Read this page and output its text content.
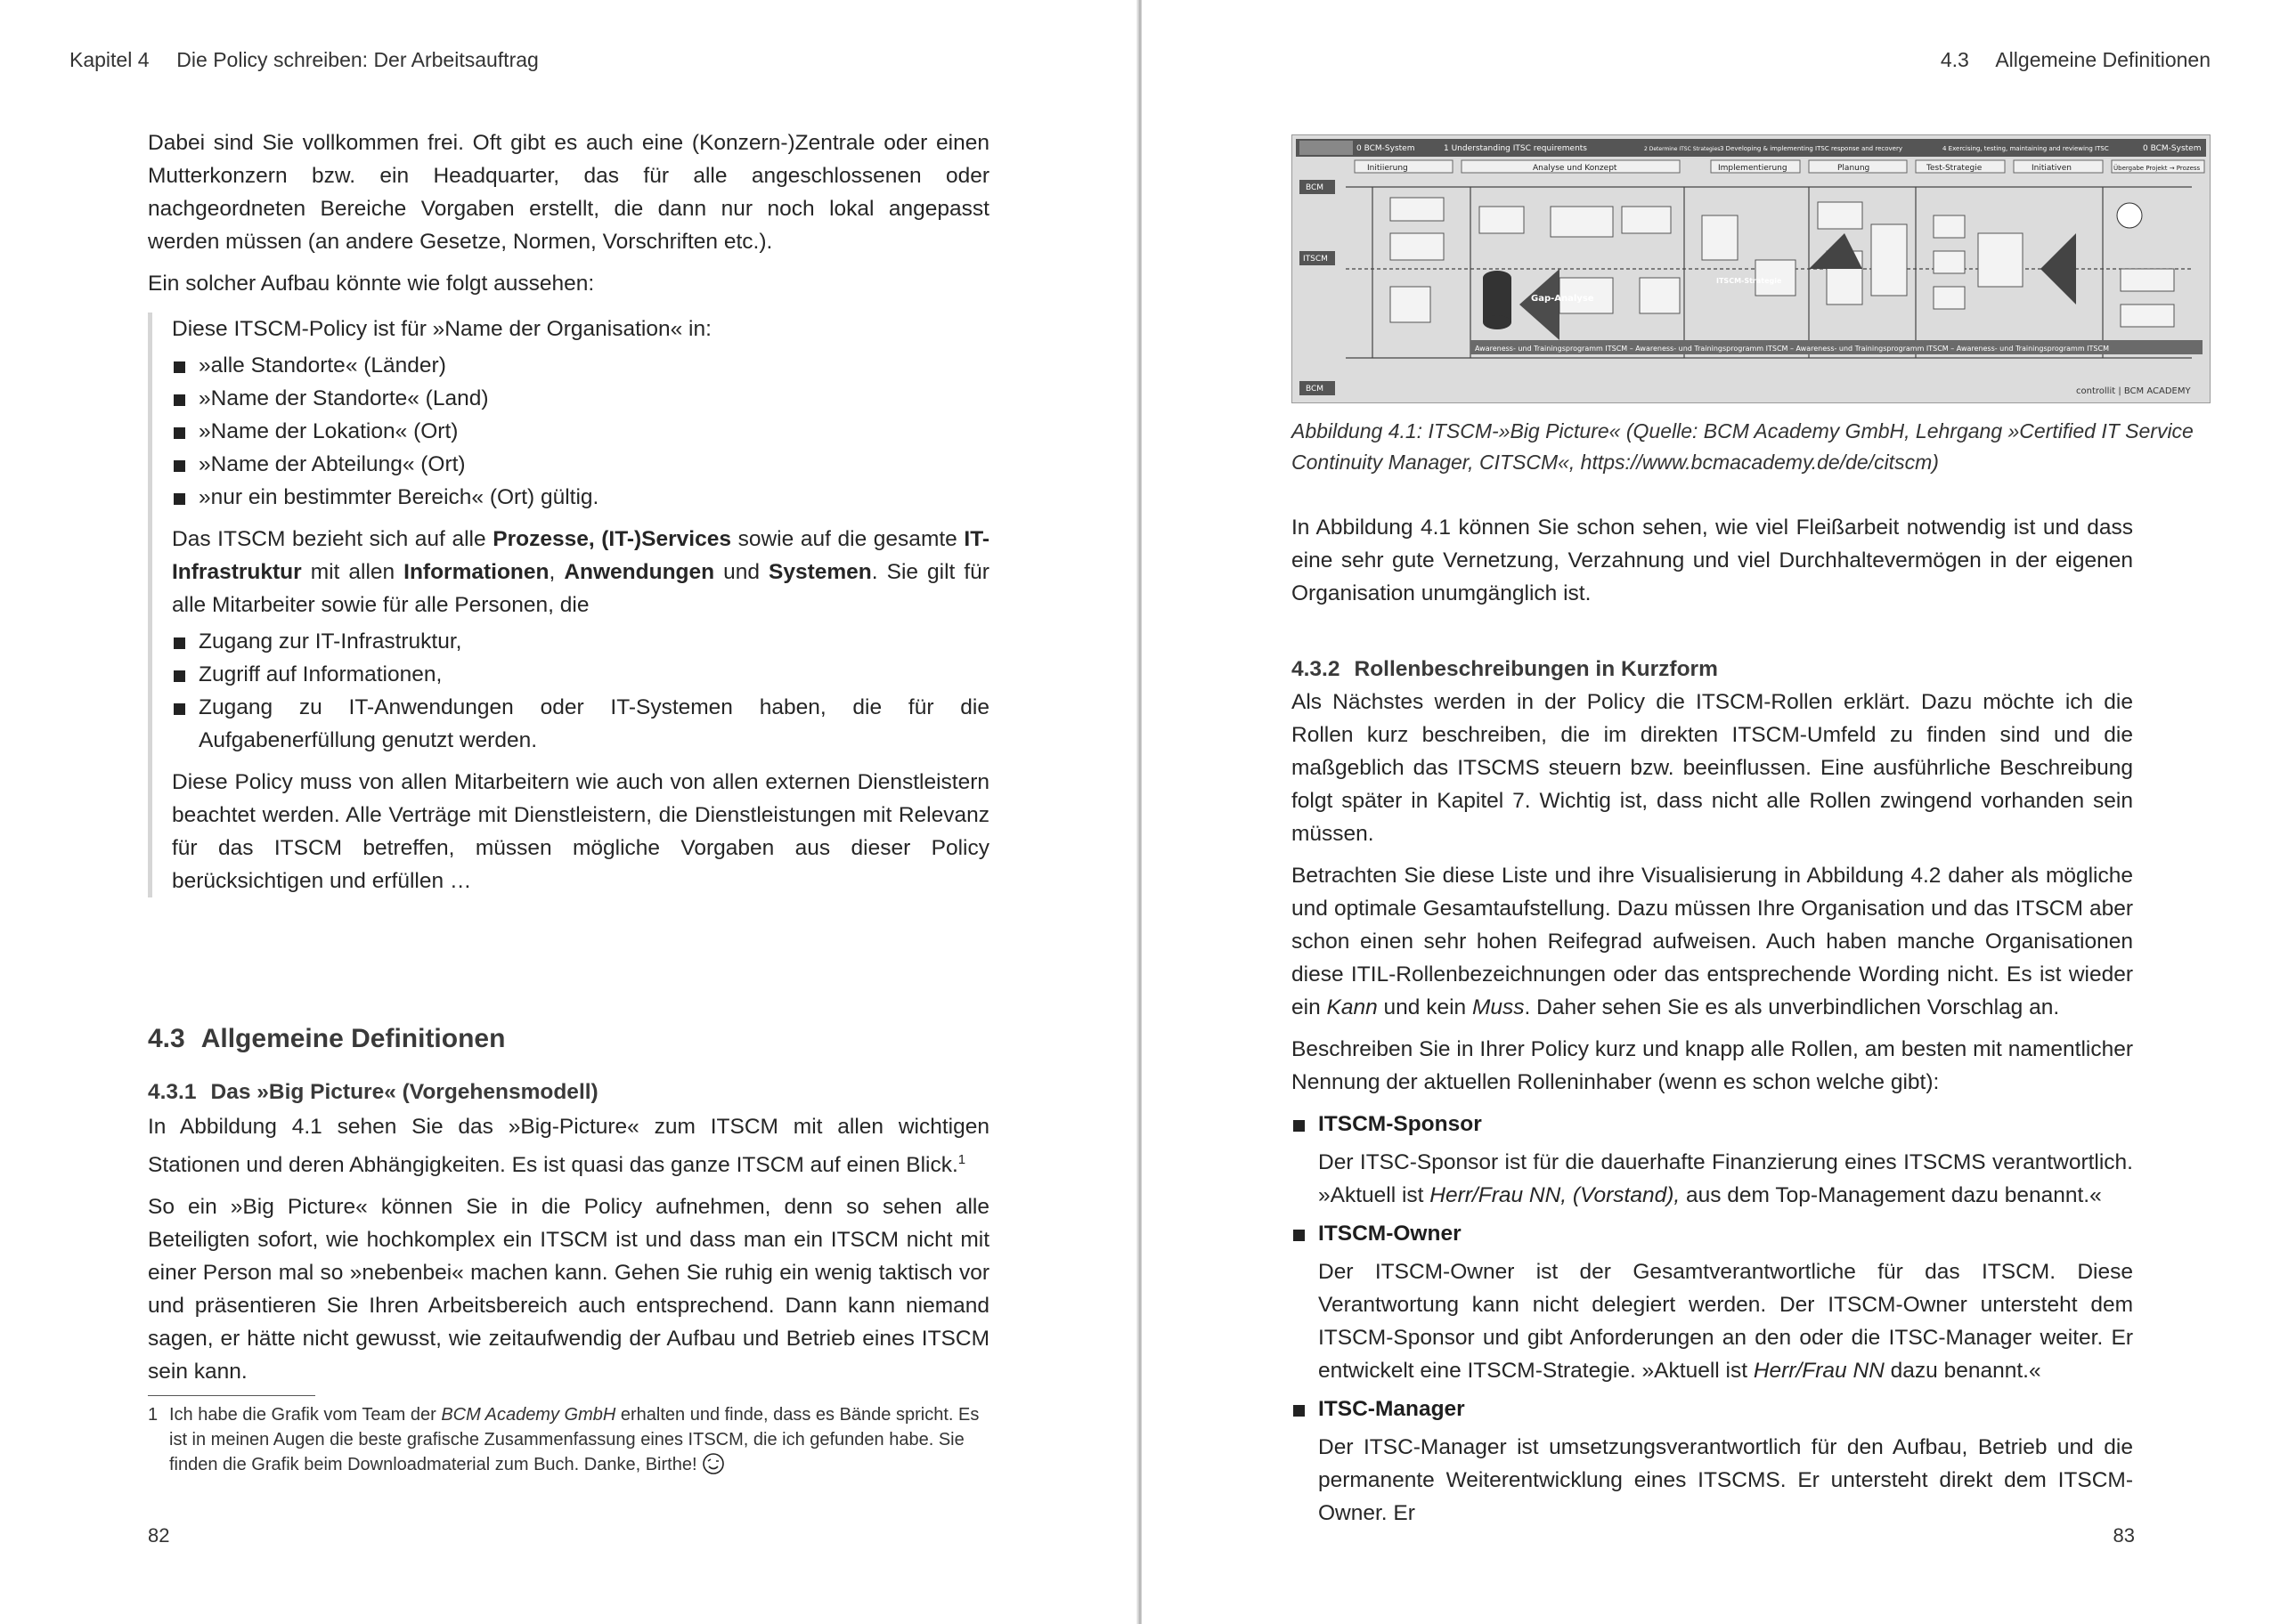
Kapitel 4 Die Policy schreiben: Der Arbeitsauftrag

Dabei sind Sie vollkommen frei. Oft gibt es auch eine (Konzern-)Zentrale oder einen Mutterkonzern bzw. ein Headquarter, das für alle angeschlossenen oder nachgeordneten Bereiche Vorgaben erstellt, die dann nur noch lokal angepasst werden müssen (an andere Gesetze, Normen, Vorschriften etc.).

Ein solcher Aufbau könnte wie folgt aussehen:

Diese ITSCM-Policy ist für »Name der Organisation« in:

»alle Standorte« (Länder)
»Name der Standorte« (Land)
»Name der Lokation« (Ort)
»Name der Abteilung« (Ort)
»nur ein bestimmter Bereich« (Ort) gültig.

Das ITSCM bezieht sich auf alle Prozesse, (IT-)Services sowie auf die gesamte IT-Infrastruktur mit allen Informationen, Anwendungen und Systemen. Sie gilt für alle Mitarbeiter sowie für alle Personen, die

Zugang zur IT-Infrastruktur,
Zugriff auf Informationen,
Zugang zu IT-Anwendungen oder IT-Systemen haben, die für die Aufgabenerfüllung genutzt werden.

Diese Policy muss von allen Mitarbeitern wie auch von allen externen Dienstleistern beachtet werden. Alle Verträge mit Dienstleistern, die Dienstleistungen mit Relevanz für das ITSCM betreffen, müssen mögliche Vorgaben aus dieser Policy berücksichtigen und erfüllen …

4.3 Allgemeine Definitionen
4.3.1 Das »Big Picture« (Vorgehensmodell)

In Abbildung 4.1 sehen Sie das »Big-Picture« zum ITSCM mit allen wichtigen Stationen und deren Abhängigkeiten. Es ist quasi das ganze ITSCM auf einen Blick.$^1$

So ein »Big Picture« können Sie in die Policy aufnehmen, denn so sehen alle Beteiligten sofort, wie hochkomplex ein ITSCM ist und dass man ein ITSCM nicht mit einer Person mal so »nebenbei« machen kann. Gehen Sie ruhig ein wenig taktisch vor und präsentieren Sie Ihren Arbeitsbereich auch entsprechend. Dann kann niemand sagen, er hätte nicht gewusst, wie zeitaufwendig der Aufbau und Betrieb eines ITSCM sein kann.

1 Ich habe die Grafik vom Team der BCM Academy GmbH erhalten und finde, dass es Bände spricht. Es ist in meinen Augen die beste grafische Zusammenfassung eines ITSCM, die ich gefunden habe. Sie finden die Grafik beim Downloadmaterial zum Buch. Danke, Birthe!
82
4.3 Allgemeine Definitionen
0 BCM-System	1 Understanding ITSC requirements	2 Determine ITSC Strategies 3 Developing & implementing ITSC response and recovery	4 Exercising, testing, maintaining and reviewing ITSC	0 BCM-System
Initiierung	Analyse und Konzept	Implementierung	Planung	Test-Strategie	Initiativen	Übergabe Projekt → Prozess
BCM
ITSCM
BCM
Gap-Analyse
ITSCM-Strategie
Awareness- und Trainingsprogramm ITSCM – Awareness- und Trainingsprogramm ITSCM – Awareness- und Trainingsprogramm ITSCM – Awareness- und Trainingsprogramm ITSCM
controllit | BCM ACADEMY
Abbildung 4.1: ITSCM-»Big Picture« (Quelle: BCM Academy GmbH, Lehrgang »Certified IT Service Continuity Manager, CITSCM«, https://www.bcmacademy.de/de/citscm)

In Abbildung 4.1 können Sie schon sehen, wie viel Fleißarbeit notwendig ist und dass eine sehr gute Vernetzung, Verzahnung und viel Durchhaltevermögen in der eigenen Organisation unumgänglich ist.

4.3.2 Rollenbeschreibungen in Kurzform

Als Nächstes werden in der Policy die ITSCM-Rollen erklärt. Dazu möchte ich die Rollen kurz beschreiben, die im direkten ITSCM-Umfeld zu finden sind und die maßgeblich das ITSCMS steuern bzw. beeinflussen. Eine ausführliche Beschreibung folgt später in Kapitel 7. Wichtig ist, dass nicht alle Rollen zwingend vorhanden sein müssen.

Betrachten Sie diese Liste und ihre Visualisierung in Abbildung 4.2 daher als mögliche und optimale Gesamtaufstellung. Dazu müssen Ihre Organisation und das ITSCM aber schon einen sehr hohen Reifegrad aufweisen. Auch haben manche Organisationen diese ITIL-Rollenbezeichnungen oder das entsprechende Wording nicht. Es ist wieder ein Kann und kein Muss. Daher sehen Sie es als unverbindlichen Vorschlag an.

Beschreiben Sie in Ihrer Policy kurz und knapp alle Rollen, am besten mit namentlicher Nennung der aktuellen Rolleninhaber (wenn es schon welche gibt):

ITSCM-Sponsor

Der ITSC-Sponsor ist für die dauerhafte Finanzierung eines ITSCMS verantwortlich. »Aktuell ist Herr/Frau NN, (Vorstand), aus dem Top-Management dazu benannt.«

ITSCM-Owner

Der ITSCM-Owner ist der Gesamtverantwortliche für das ITSCM. Diese Verantwortung kann nicht delegiert werden. Der ITSCM-Owner untersteht dem ITSCM-Sponsor und gibt Anforderungen an den oder die ITSC-Manager weiter. Er entwickelt eine ITSCM-Strategie. »Aktuell ist Herr/Frau NN dazu benannt.«

ITSC-Manager

Der ITSC-Manager ist umsetzungsverantwortlich für den Aufbau, Betrieb und die permanente Weiterentwicklung eines ITSCMS. Er untersteht direkt dem ITSCM-Owner. Er

83
